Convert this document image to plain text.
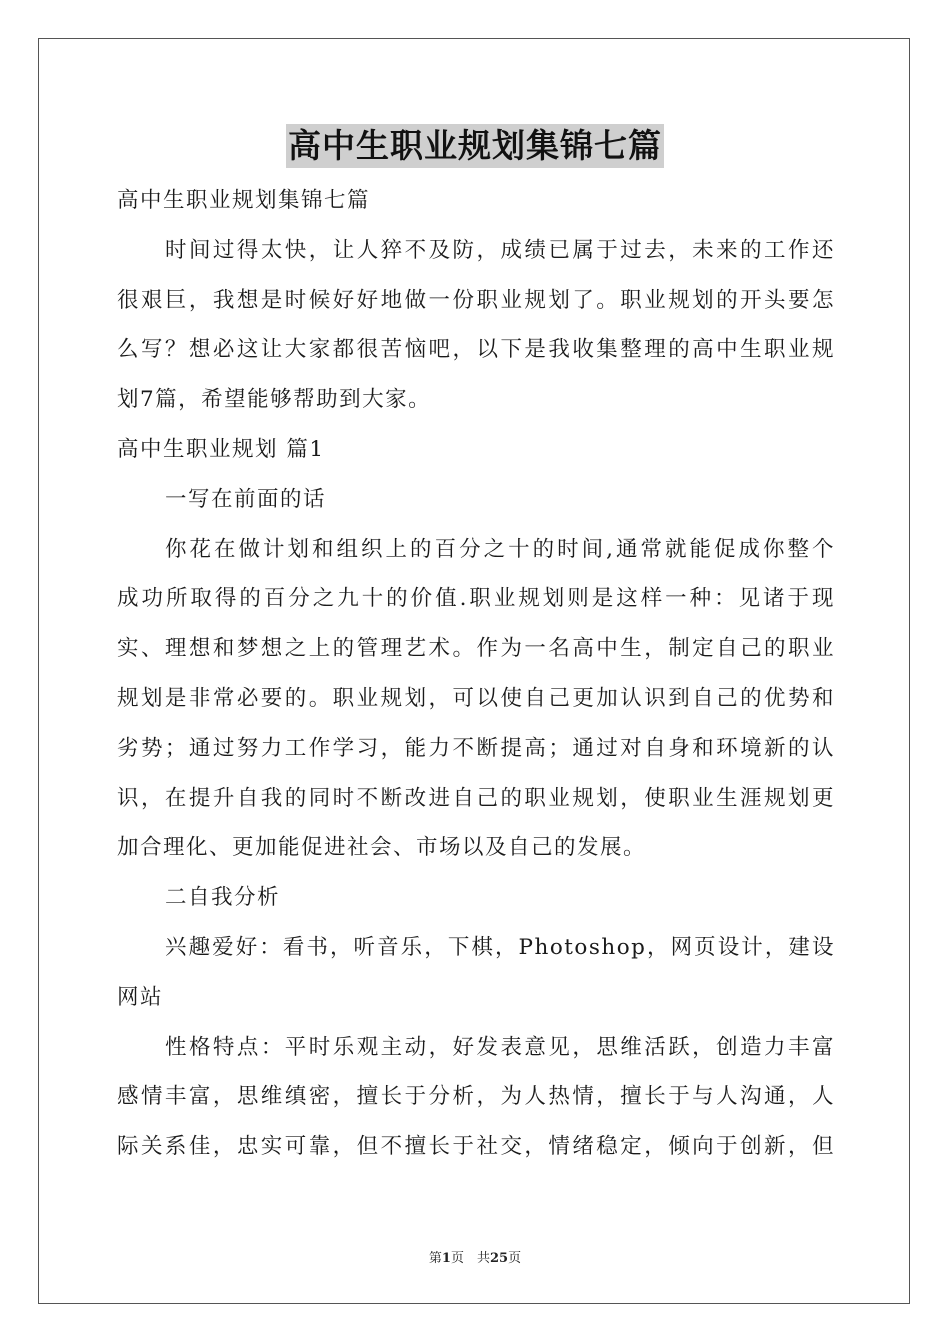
高中生职业规划集锦七篇
高中生职业规划集锦七篇
时间过得太快，让人猝不及防，成绩已属于过去，未来的工作还
很艰巨，我想是时候好好地做一份职业规划了。职业规划的开头要怎
么写？想必这让大家都很苦恼吧，以下是我收集整理的高中生职业规
划7篇，希望能够帮助到大家。
高中生职业规划 篇1
一写在前面的话
你花在做计划和组织上的百分之十的时间,通常就能促成你整个
成功所取得的百分之九十的价值.职业规划则是这样一种：见诸于现
实、理想和梦想之上的管理艺术。作为一名高中生，制定自己的职业
规划是非常必要的。职业规划，可以使自己更加认识到自己的优势和
劣势；通过努力工作学习，能力不断提高；通过对自身和环境新的认
识，在提升自我的同时不断改进自己的职业规划，使职业生涯规划更
加合理化、更加能促进社会、市场以及自己的发展。
二自我分析
兴趣爱好：看书，听音乐，下棋，Photoshop，网页设计，建设
网站
性格特点：平时乐观主动，好发表意见，思维活跃，创造力丰富
感情丰富，思维缜密，擅长于分析，为人热情，擅长于与人沟通，人
际关系佳，忠实可靠，但不擅长于社交，情绪稳定，倾向于创新，但
第1页　共25页
